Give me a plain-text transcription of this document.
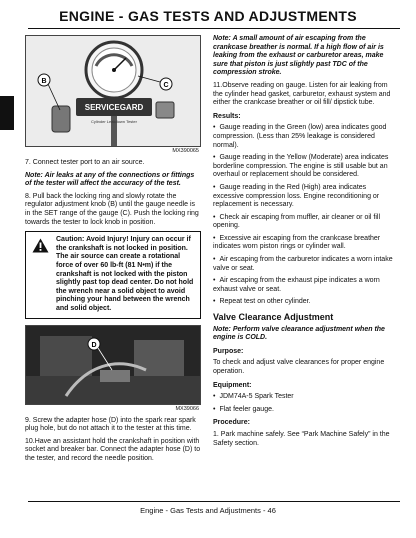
ENGINE - GAS TESTS AND ADJUSTMENTS
SERVICEGARD
Cylinder Leakdown Tester
B
C
MX390065

7. Connect tester port to an air source.

Note: Air leaks at any of the connections or fittings of the tester will affect the accuracy of the test.

8. Pull back the locking ring and slowly rotate the regulator adjustment knob (B) until the gauge needle is in the SET range of the gauge (C). Push the locking ring towards the tester to lock knob in position.

Caution: Avoid Injury! Injury can occur if the crankshaft is not locked in position.
The air source can create a rotational force of over 60 lb-ft (81 N•m) if the crankshaft is not locked with the piston slightly past top dead center. Do not hold the wrench near a solid object to avoid pinching your hand between the wrench and solid object.
D
MX39066

9. Screw the adapter hose (D) into the spark rear spark plug hole, but do not attach it to the tester at this time.

10.Have an assistant hold the crankshaft in position with socket and breaker bar. Connect the adapter hose (D) to the tester, and record the needle position.

Note: A small amount of air escaping from the crankcase breather is normal. If a high flow of air is leaking from the exhaust or carburetor areas, make sure that piston is just slightly past TDC of the compression stroke.

11.Observe reading on gauge. Listen for air leaking from the cylinder head gasket, carburetor, exhaust system and either the crankcase breather or oil fill/ dipstick tube.

Results:

• Gauge reading in the Green (low) area indicates good compression. (Less than 25% leakage is considered normal).

• Gauge reading in the Yellow (Moderate) area indicates borderline compression. The engine is still usable but an overhaul or replacement should be considered.

• Gauge reading in the Red (High) area indicates excessive compression loss. Engine reconditioning or replacement is necessary.

• Check air escaping from muffler, air cleaner or oil fill opening.

• Excessive air escaping from the crankcase breather indicates worn piston rings or cylinder wall.

• Air escaping from the carburetor indicates a worn intake valve or seat.

• Air escaping from the exhaust pipe indicates a worn exhaust valve or seat.

• Repeat test on other cylinder.

Valve Clearance Adjustment

Note: Perform valve clearance adjustment when the engine is COLD.

Purpose:

To check and adjust valve clearances for proper engine operation.

Equipment:

• JDM74A-5 Spark Tester

• Flat feeler gauge.

Procedure:

1. Park machine safely. See “Park Machine Safely” in the Safety section.

Engine - Gas Tests and Adjustments - 46
